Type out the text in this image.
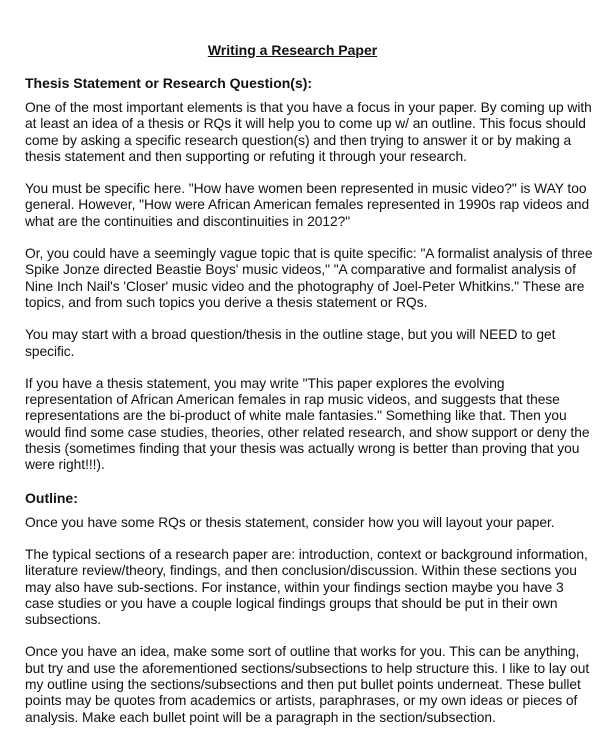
Writing a Research Paper
Thesis Statement or Research Question(s):
One of the most important elements is that you have a focus in your paper. By coming up with
at least an idea of a thesis or RQs it will help you to come up w/ an outline. This focus should
come by asking a specific research question(s) and then trying to answer it or by making a
thesis statement and then supporting or refuting it through your research.
You must be specific here. "How have women been represented in music video?" is WAY too
general. However, "How were African American females represented in 1990s rap videos and
what are the continuities and discontinuities in 2012?"
Or, you could have a seemingly vague topic that is quite specific: "A formalist analysis of three
Spike Jonze directed Beastie Boys' music videos," "A comparative and formalist analysis of
Nine Inch Nail's 'Closer' music video and the photography of Joel-Peter Whitkins." These are
topics, and from such topics you derive a thesis statement or RQs.
You may start with a broad question/thesis in the outline stage, but you will NEED to get
specific.
If you have a thesis statement, you may write "This paper explores the evolving
representation of African American females in rap music videos, and suggests that these
representations are the bi-product of white male fantasies." Something like that. Then you
would find some case studies, theories, other related research, and show support or deny the
thesis (sometimes finding that your thesis was actually wrong is better than proving that you
were right!!!).
Outline:
Once you have some RQs or thesis statement, consider how you will layout your paper.
The typical sections of a research paper are: introduction, context or background information,
literature review/theory, findings, and then conclusion/discussion. Within these sections you
may also have sub-sections. For instance, within your findings section maybe you have 3
case studies or you have a couple logical findings groups that should be put in their own
subsections.
Once you have an idea, make some sort of outline that works for you. This can be anything,
but try and use the aforementioned sections/subsections to help structure this. I like to lay out
my outline using the sections/subsections and then put bullet points underneat. These bullet
points may be quotes from academics or artists, paraphrases, or my own ideas or pieces of
analysis. Make each bullet point will be a paragraph in the section/subsection.
